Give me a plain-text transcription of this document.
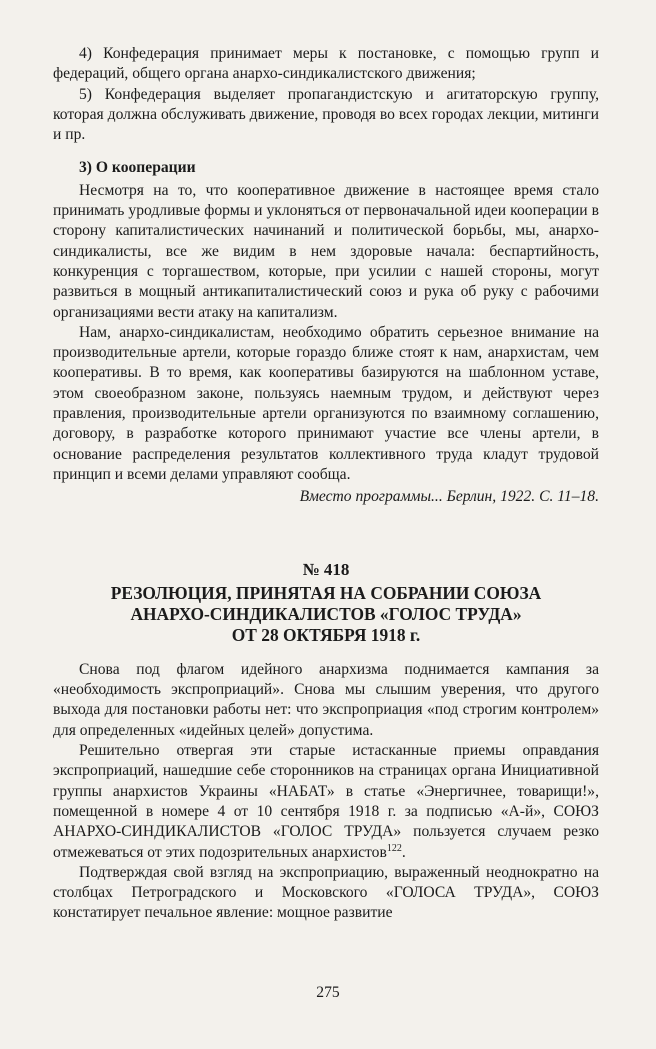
4) Конфедерация принимает меры к постановке, с помощью групп и федераций, общего органа анархо-синдикалистского движения;

5) Конфедерация выделяет пропагандистскую и агитаторскую группу, которая должна обслуживать движение, проводя во всех городах лекции, митинги и пр.

3) О кооперации

Несмотря на то, что кооперативное движение в настоящее время стало принимать уродливые формы и уклоняться от первоначальной идеи кооперации в сторону капиталистических начинаний и политической борьбы, мы, анархо-синдикалисты, все же видим в нем здоровые начала: беспартийность, конкуренция с торгашеством, которые, при усилии с нашей стороны, могут развиться в мощный антикапиталистический союз и рука об руку с рабочими организациями вести атаку на капитализм.

Нам, анархо-синдикалистам, необходимо обратить серьезное внимание на производительные артели, которые гораздо ближе стоят к нам, анархистам, чем кооперативы. В то время, как кооперативы базируются на шаблонном уставе, этом своеобразном законе, пользуясь наемным трудом, и действуют через правления, производительные артели организуются по взаимному соглашению, договору, в разработке которого принимают участие все члены артели, в основание распределения результатов коллективного труда кладут трудовой принцип и всеми делами управляют сообща.

Вместо программы... Берлин, 1922. С. 11–18.

№ 418

РЕЗОЛЮЦИЯ, ПРИНЯТАЯ НА СОБРАНИИ СОЮЗА
АНАРХО-СИНДИКАЛИСТОВ «ГОЛОС ТРУДА»
ОТ 28 ОКТЯБРЯ 1918 г.

Снова под флагом идейного анархизма поднимается кампания за «необходимость экспроприаций». Снова мы слышим уверения, что другого выхода для постановки работы нет: что экспроприация «под строгим контролем» для определенных «идейных целей» допустима.

Решительно отвергая эти старые истасканные приемы оправдания экспроприаций, нашедшие себе сторонников на страницах органа Инициативной группы анархистов Украины «НАБАТ» в статье «Энергичнее, товарищи!», помещенной в номере 4 от 10 сентября 1918 г. за подписью «А-й», СОЮЗ АНАРХО-СИНДИКАЛИСТОВ «ГОЛОС ТРУДА» пользуется случаем резко отмежеваться от этих подозрительных анархистов$^{122}$.

Подтверждая свой взгляд на экспроприацию, выраженный неоднократно на столбцах Петроградского и Московского «ГОЛОСА ТРУДА», СОЮЗ констатирует печальное явление: мощное развитие

275
